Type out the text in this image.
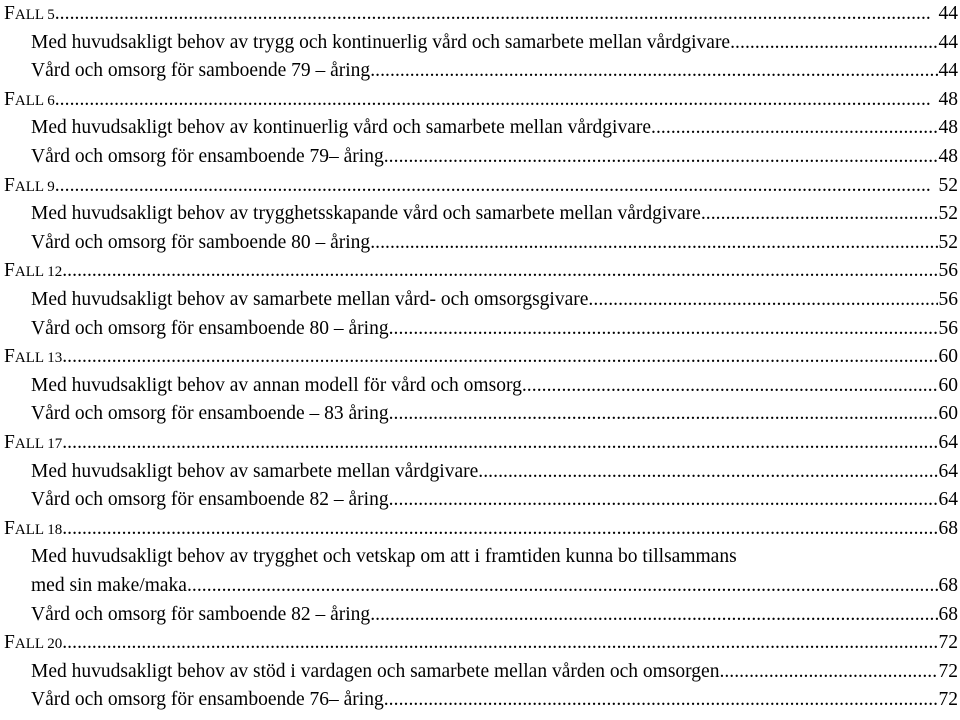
FALL 5 . . .	44
Med huvudsakligt behov av trygg och kontinuerlig vård och samarbete mellan vårdgivare . . .	44
Vård och omsorg för samboende 79 – åring . . .	44
FALL 6 . . .	48
Med huvudsakligt behov av kontinuerlig vård och samarbete mellan vårdgivare . . .	48
Vård och omsorg för ensamboende 79– åring . . .	48
FALL 9 . . .	52
Med huvudsakligt behov av trygghetsskapande vård och samarbete mellan vårdgivare . . .	52
Vård och omsorg för samboende 80 – åring . . .	52
FALL 12 . . .	56
Med huvudsakligt behov av samarbete mellan vård- och omsorgsgivare . . .	56
Vård och omsorg för ensamboende 80 – åring . . .	56
FALL 13 . . .	60
Med huvudsakligt behov av annan modell för vård och omsorg . . .	60
Vård och omsorg för ensamboende – 83 åring . . .	60
FALL 17 . . .	64
Med huvudsakligt behov av samarbete mellan vårdgivare . . .	64
Vård och omsorg för ensamboende 82 – åring . . .	64
FALL 18 . . .	68
Med huvudsakligt behov av trygghet och vetskap om att i framtiden kunna bo tillsammans
med sin make/maka . . .	68
Vård och omsorg för samboende 82 – åring . . .	68
FALL 20 . . .	72
Med huvudsakligt behov av stöd i vardagen och samarbete mellan vården och omsorgen. . . .	72
Vård och omsorg för ensamboende 76– åring . . .	72
